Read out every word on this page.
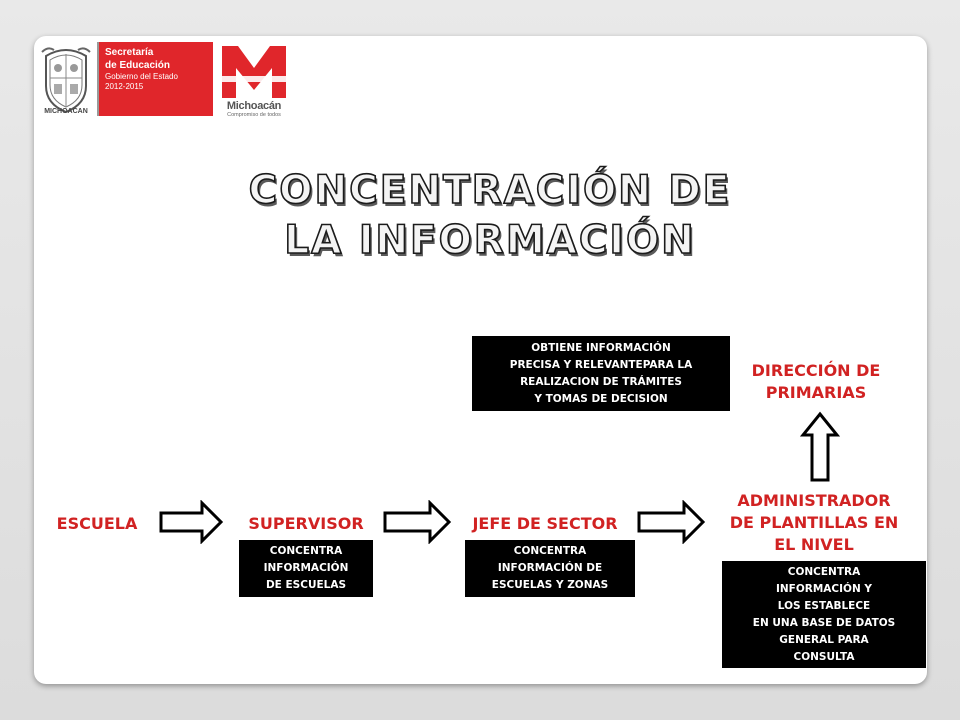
MICHOACAN
Secretaría
de Educación
Gobierno del Estado
2012-2015
Michoacán
Compromiso de todos
CONCENTRACIÓN DE
LA INFORMACIÓN
OBTIENE INFORMACIÓN
PRECISA Y RELEVANTEPARA LA
REALIZACION DE TRÁMITES
Y TOMAS DE DECISION
DIRECCIÓN DE
PRIMARIAS
ESCUELA	SUPERVISOR	JEFE DE SECTOR
ADMINISTRADOR
DE PLANTILLAS EN
EL NIVEL
CONCENTRA
INFORMACIÓN
DE ESCUELAS
CONCENTRA
INFORMACIÓN DE
ESCUELAS Y ZONAS
CONCENTRA
INFORMACIÓN Y
LOS ESTABLECE
EN UNA BASE DE DATOS
GENERAL PARA
CONSULTA
